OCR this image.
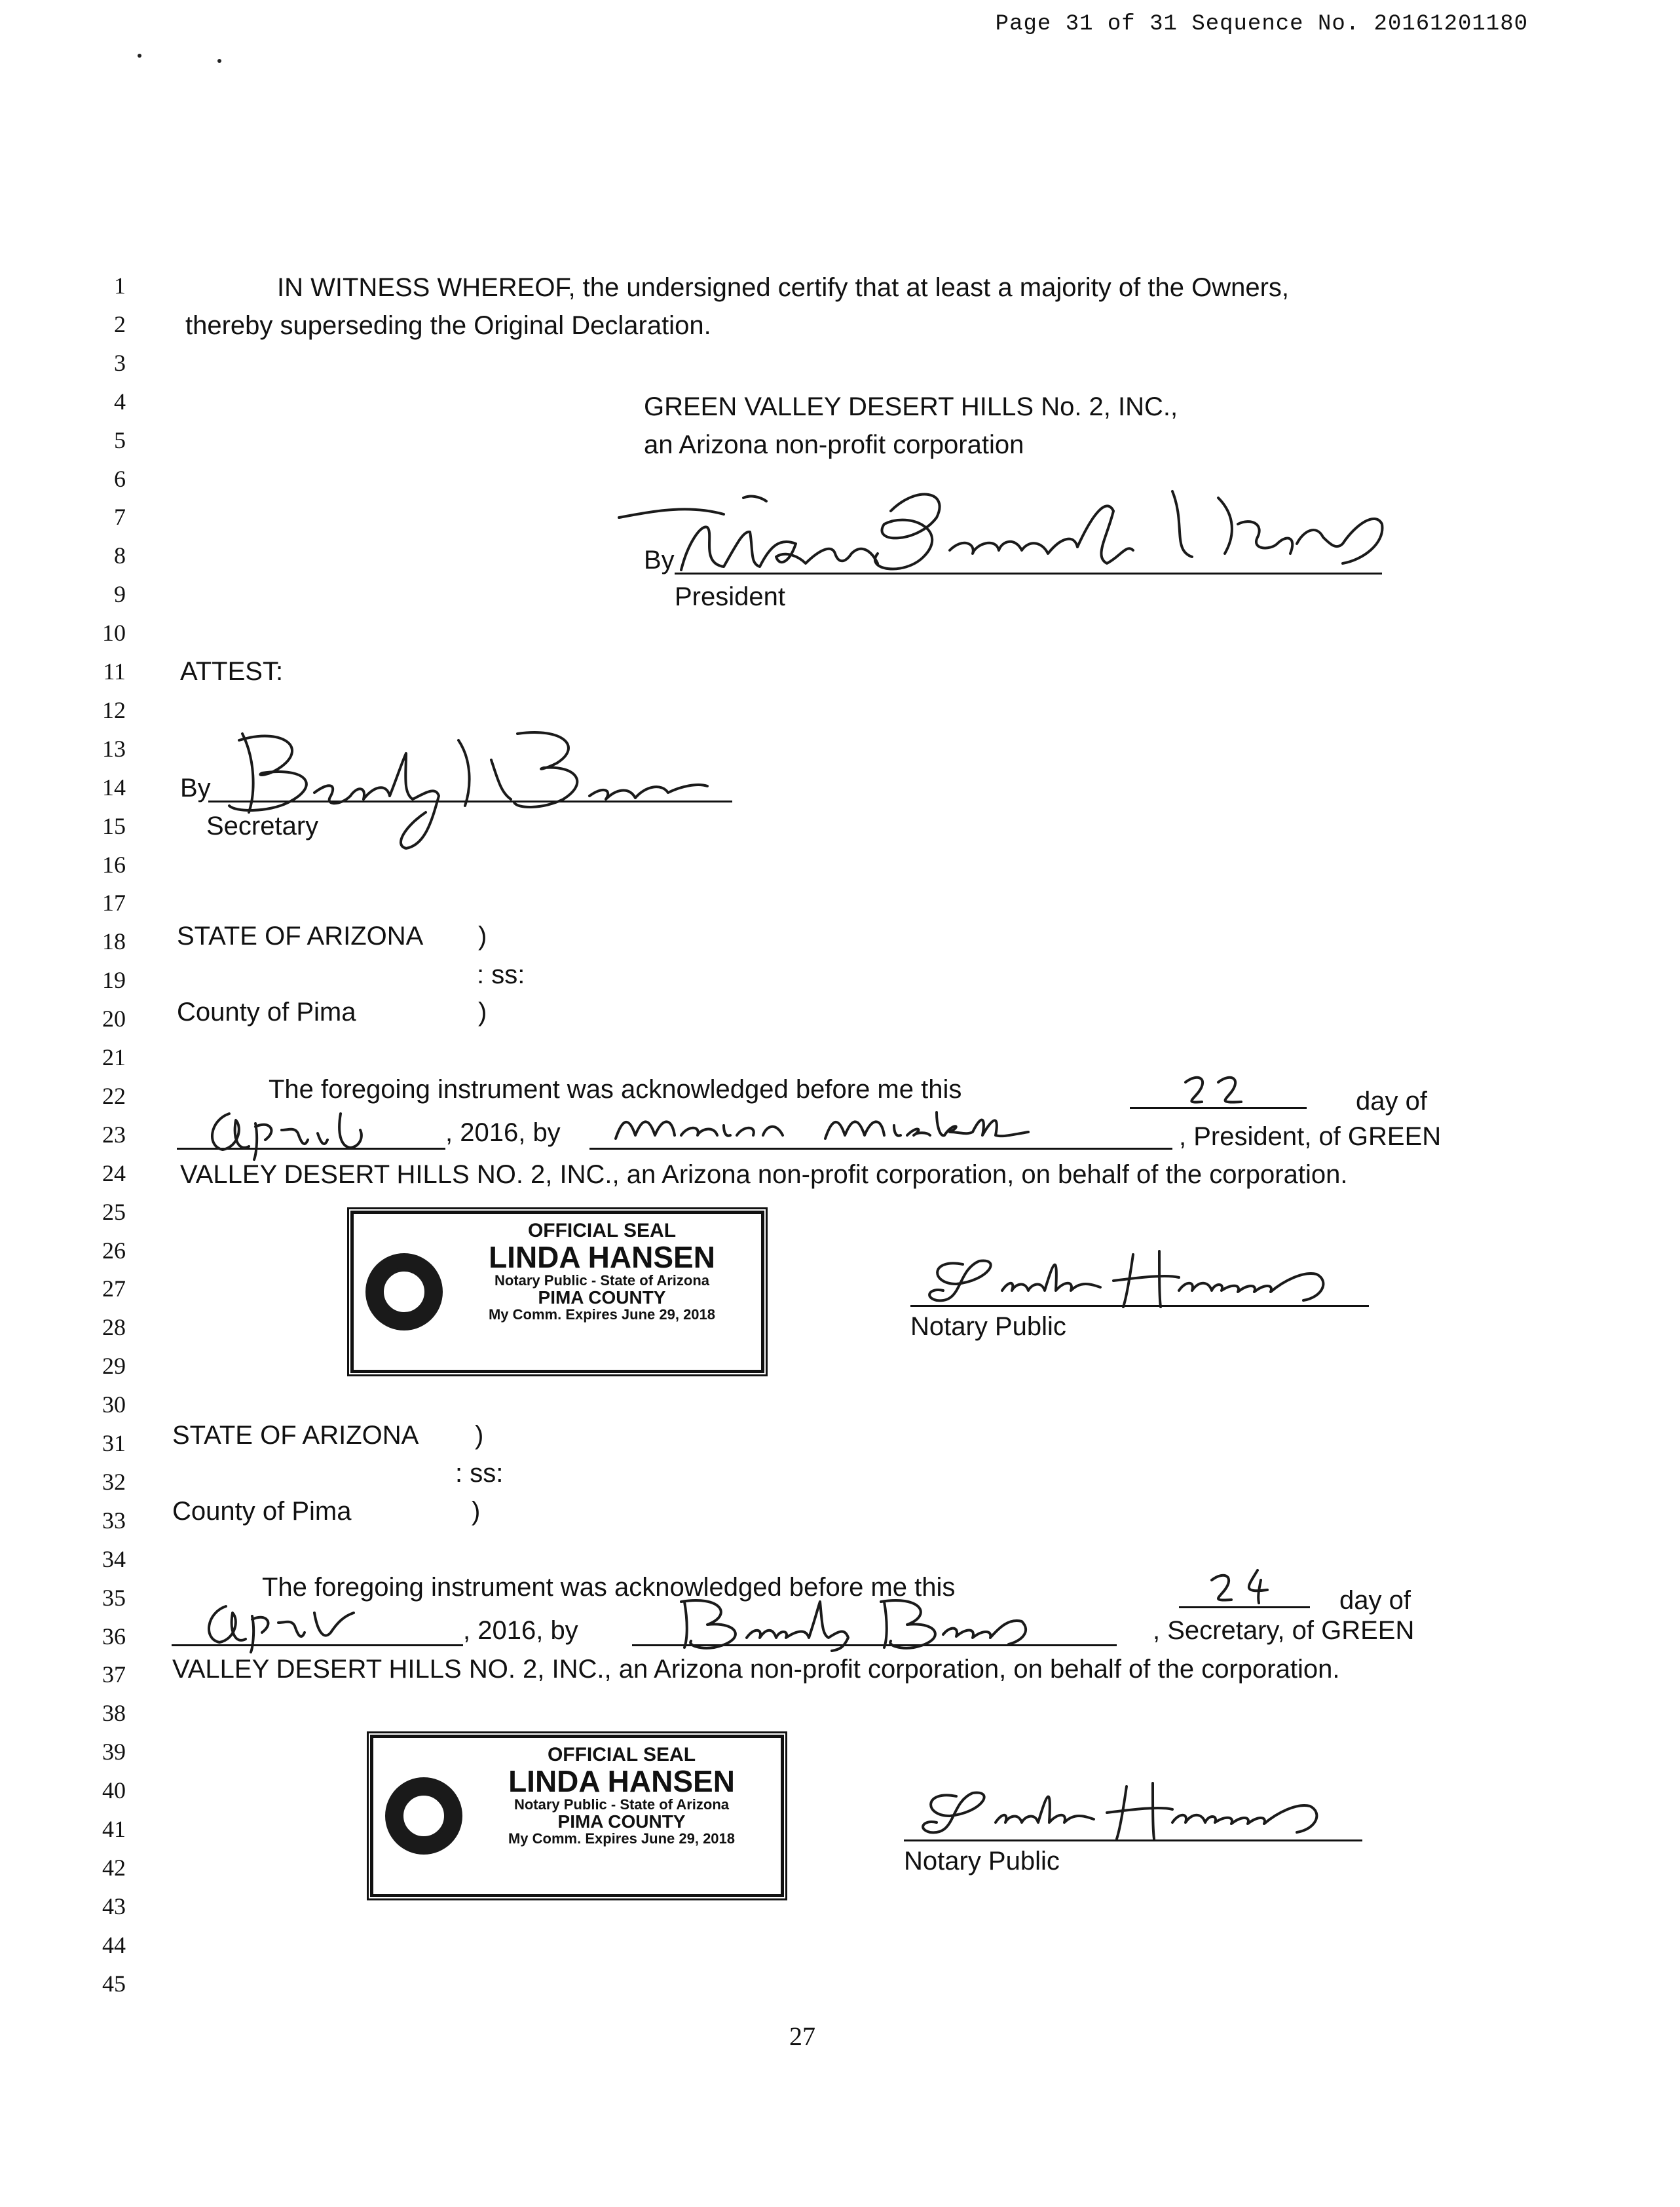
Page 31 of 31 Sequence No. 20161201180
1
2
3
4
5
6
7
8
9
10
11
12
13
14
15
16
17
18
19
20
21
22
23
24
25
26
27
28
29
30
31
32
33
34
35
36
37
38
39
40
41
42
43
44
45
IN WITNESS WHEREOF, the undersigned certify that at least a majority of the Owners,
thereby superseding the Original Declaration.
GREEN VALLEY DESERT HILLS No. 2, INC.,
an Arizona non-profit corporation
By
President
ATTEST:
By
Secretary
STATE OF ARIZONA )
: ss:
County of Pima	)
The foregoing instrument was acknowledged before me this	day of
, 2016, by	, President, of GREEN
VALLEY DESERT HILLS NO. 2, INC., an Arizona non-profit corporation, on behalf of the corporation.
OFFICIAL SEAL
LINDA HANSEN
Notary Public - State of Arizona
PIMA COUNTY
My Comm. Expires June 29, 2018	Notary Public
STATE OF ARIZONA )
: ss:
County of Pima	)
The foregoing instrument was acknowledged before me this	day of
, 2016, by	, Secretary, of GREEN
VALLEY DESERT HILLS NO. 2, INC., an Arizona non-profit corporation, on behalf of the corporation.
OFFICIAL SEAL
LINDA HANSEN
Notary Public - State of Arizona
PIMA COUNTY
My Comm. Expires June 29, 2018
Notary Public
27
